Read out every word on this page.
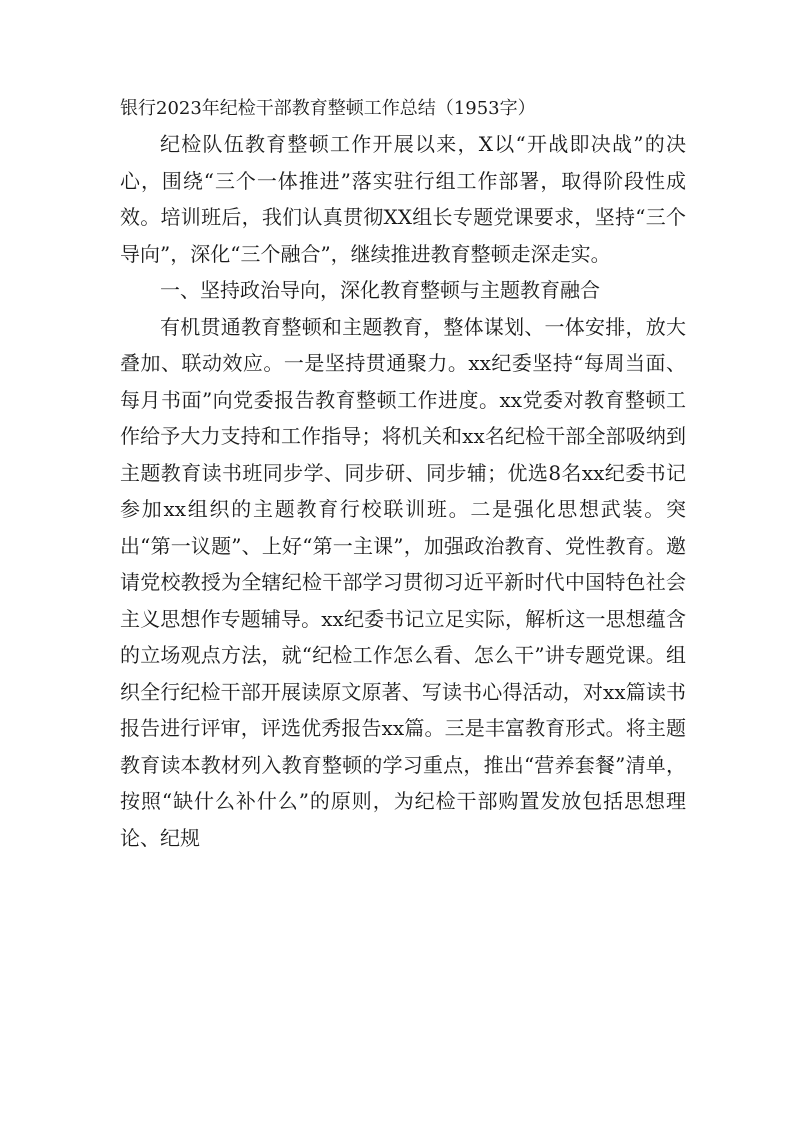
银行2023年纪检干部教育整顿工作总结（1953字）

纪检队伍教育整顿工作开展以来，X以“开战即决战”的决心，围绕“三个一体推进”落实驻行组工作部署，取得阶段性成效。培训班后，我们认真贯彻XX组长专题党课要求，坚持“三个导向”，深化“三个融合”，继续推进教育整顿走深走实。

一、坚持政治导向，深化教育整顿与主题教育融合

有机贯通教育整顿和主题教育，整体谋划、一体安排，放大叠加、联动效应。一是坚持贯通聚力。xx纪委坚持“每周当面、每月书面”向党委报告教育整顿工作进度。xx党委对教育整顿工作给予大力支持和工作指导；将机关和xx名纪检干部全部吸纳到主题教育读书班同步学、同步研、同步辅；优选8名xx纪委书记参加xx组织的主题教育行校联训班。二是强化思想武装。突出“第一议题”、上好“第一主课”，加强政治教育、党性教育。邀请党校教授为全辖纪检干部学习贯彻习近平新时代中国特色社会主义思想作专题辅导。xx纪委书记立足实际，解析这一思想蕴含的立场观点方法，就“纪检工作怎么看、怎么干”讲专题党课。组织全行纪检干部开展读原文原著、写读书心得活动，对xx篇读书报告进行评审，评选优秀报告xx篇。三是丰富教育形式。将主题教育读本教材列入教育整顿的学习重点，推出“营养套餐”清单，按照“缺什么补什么”的原则，为纪检干部购置发放包括思想理论、纪规
